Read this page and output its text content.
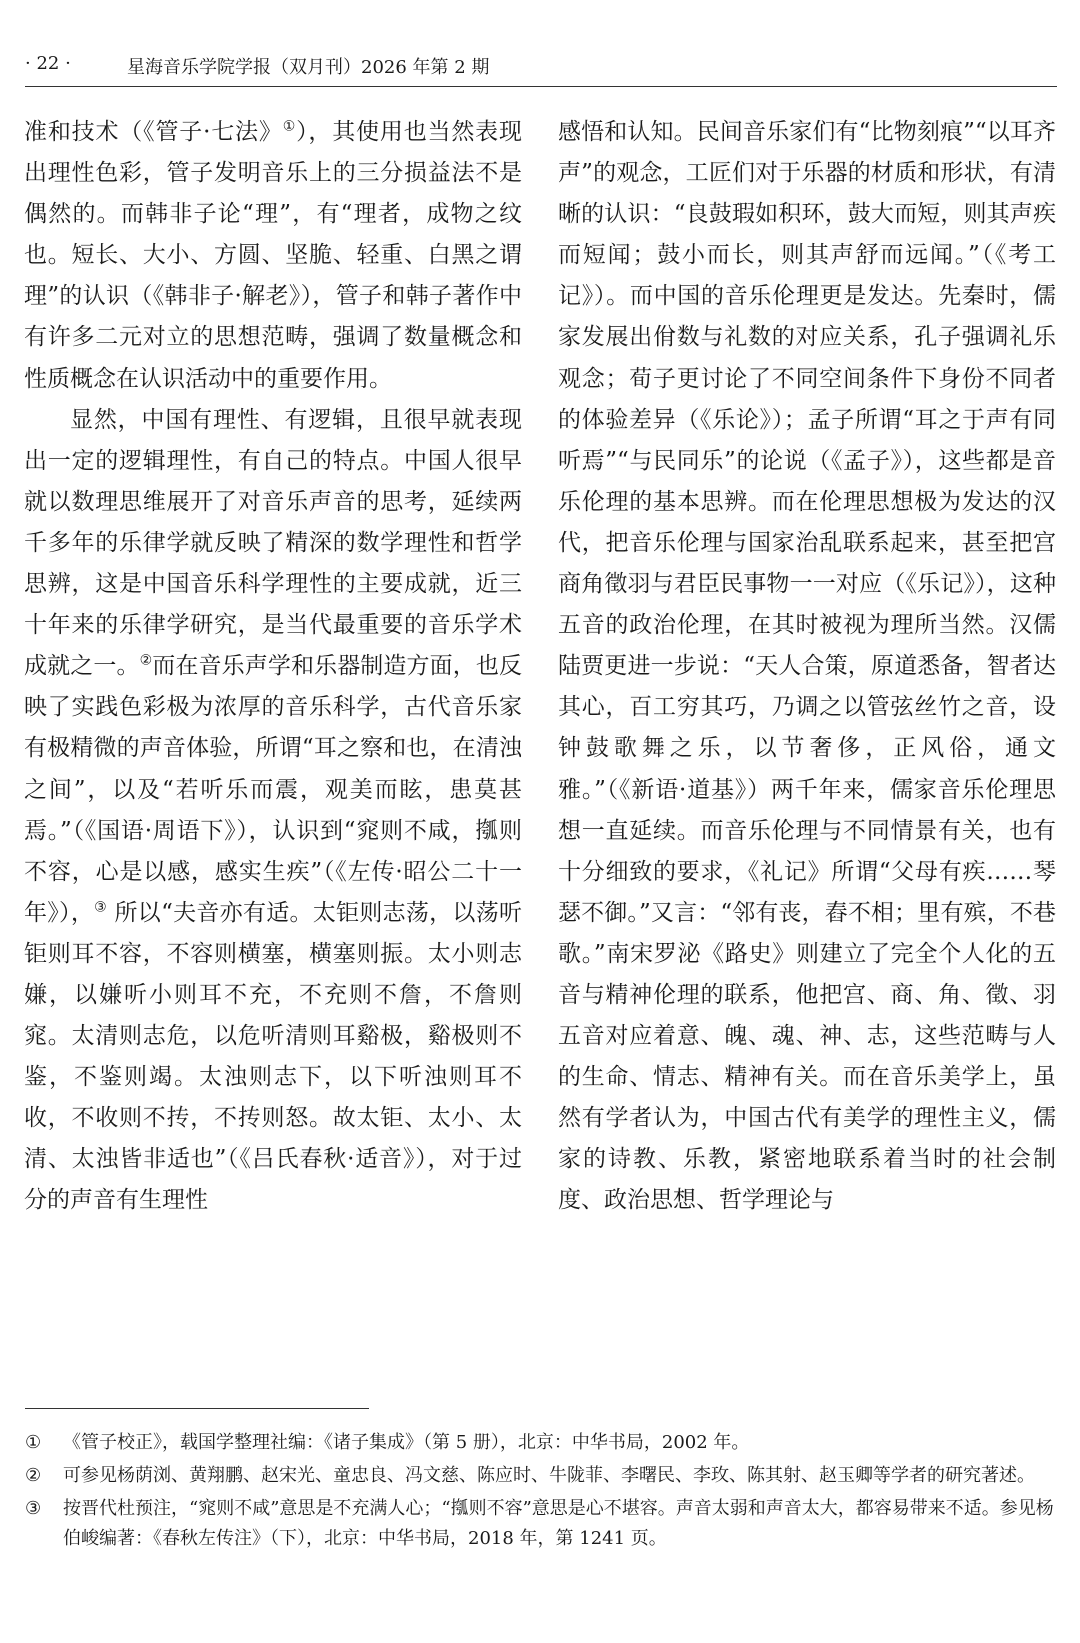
· 22 ·	星海音乐学院学报（双月刊）2026 年第 2 期

准和技术（《管子·七法》①），其使用也当然表现出理性色彩，管子发明音乐上的三分损益法不是偶然的。而韩非子论“理”，有“理者，成物之纹也。短长、大小、方圆、坚脆、轻重、白黑之谓理”的认识（《韩非子·解老》），管子和韩子著作中有许多二元对立的思想范畴，强调了数量概念和性质概念在认识活动中的重要作用。

显然，中国有理性、有逻辑，且很早就表现出一定的逻辑理性，有自己的特点。中国人很早就以数理思维展开了对音乐声音的思考，延续两千多年的乐律学就反映了精深的数学理性和哲学思辨，这是中国音乐科学理性的主要成就，近三十年来的乐律学研究，是当代最重要的音乐学术成就之一。②而在音乐声学和乐器制造方面，也反映了实践色彩极为浓厚的音乐科学，古代音乐家有极精微的声音体验，所谓“耳之察和也，在清浊之间”，以及“若听乐而震，观美而眩，患莫甚焉。”（《国语·周语下》），认识到“窕则不咸，摦则不容，心是以感，感实生疾”（《左传·昭公二十一年》），③ 所以“夫音亦有适。太钜则志荡，以荡听钜则耳不容，不容则横塞，横塞则振。太小则志嫌，以嫌听小则耳不充，不充则不詹，不詹则窕。太清则志危，以危听清则耳谿极，谿极则不鉴，不鉴则竭。太浊则志下，以下听浊则耳不收，不收则不抟，不抟则怒。故太钜、太小、太清、太浊皆非适也”（《吕氏春秋·适音》），对于过分的声音有生理性

感悟和认知。民间音乐家们有“比物刻痕”“以耳齐声”的观念，工匠们对于乐器的材质和形状，有清晰的认识：“良鼓瑕如积环，鼓大而短，则其声疾而短闻；鼓小而长，则其声舒而远闻。”（《考工记》）。而中国的音乐伦理更是发达。先秦时，儒家发展出佾数与礼数的对应关系，孔子强调礼乐观念；荀子更讨论了不同空间条件下身份不同者的体验差异（《乐论》）；孟子所谓“耳之于声有同听焉”“与民同乐”的论说（《孟子》），这些都是音乐伦理的基本思辨。而在伦理思想极为发达的汉代，把音乐伦理与国家治乱联系起来，甚至把宫商角徵羽与君臣民事物一一对应（《乐记》），这种五音的政治伦理，在其时被视为理所当然。汉儒陆贾更进一步说：“天人合策，原道悉备，智者达其心，百工穷其巧，乃调之以管弦丝竹之音，设钟鼓歌舞之乐，以节奢侈，正风俗，通文雅。”（《新语·道基》）两千年来，儒家音乐伦理思想一直延续。而音乐伦理与不同情景有关，也有十分细致的要求，《礼记》所谓“父母有疾……琴瑟不御。”又言：“邻有丧，舂不相；里有殡，不巷歌。”南宋罗泌《路史》则建立了完全个人化的五音与精神伦理的联系，他把宫、商、角、徵、羽五音对应着意、魄、魂、神、志，这些范畴与人的生命、情志、精神有关。而在音乐美学上，虽然有学者认为，中国古代有美学的理性主义，儒家的诗教、乐教，紧密地联系着当时的社会制度、政治思想、哲学理论与

①	《管子校正》，载国学整理社编：《诸子集成》（第 5 册），北京：中华书局，2002 年。
②	可参见杨荫浏、黄翔鹏、赵宋光、童忠良、冯文慈、陈应时、牛陇菲、李曙民、李玫、陈其射、赵玉卿等学者的研究著述。
③	按晋代杜预注，“窕则不咸”意思是不充满人心；“摦则不容”意思是心不堪容。声音太弱和声音太大，都容易带来不适。参见杨伯峻编著：《春秋左传注》（下），北京：中华书局，2018 年，第 1241 页。
